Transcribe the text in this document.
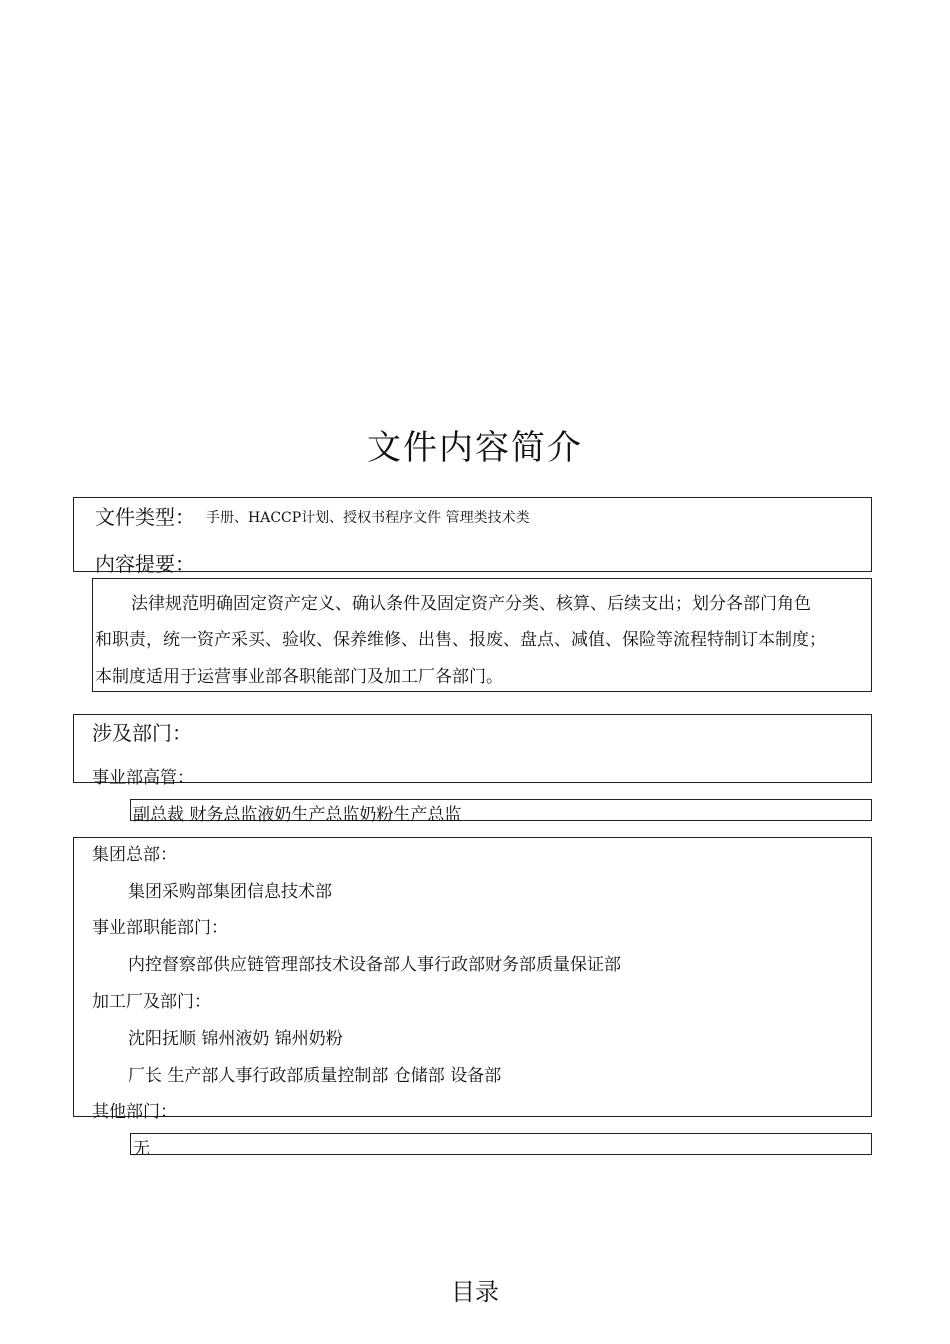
文件内容简介
文件类型： 手册、HACCP计划、授权书程序文件 管理类技术类
内容提要：
法律规范明确固定资产定义、确认条件及固定资产分类、核算、后续支出；划分各部门角色
和职责，统一资产采买、验收、保养维修、出售、报废、盘点、减值、保险等流程特制订本制度；
本制度适用于运营事业部各职能部门及加工厂各部门。
涉及部门：
事业部高管：
副总裁 财务总监液奶生产总监奶粉生产总监
集团总部：
集团采购部集团信息技术部
事业部职能部门：
内控督察部供应链管理部技术设备部人事行政部财务部质量保证部
加工厂及部门：
沈阳抚顺 锦州液奶 锦州奶粉
厂长 生产部人事行政部质量控制部 仓储部 设备部
其他部门：
无
目录
